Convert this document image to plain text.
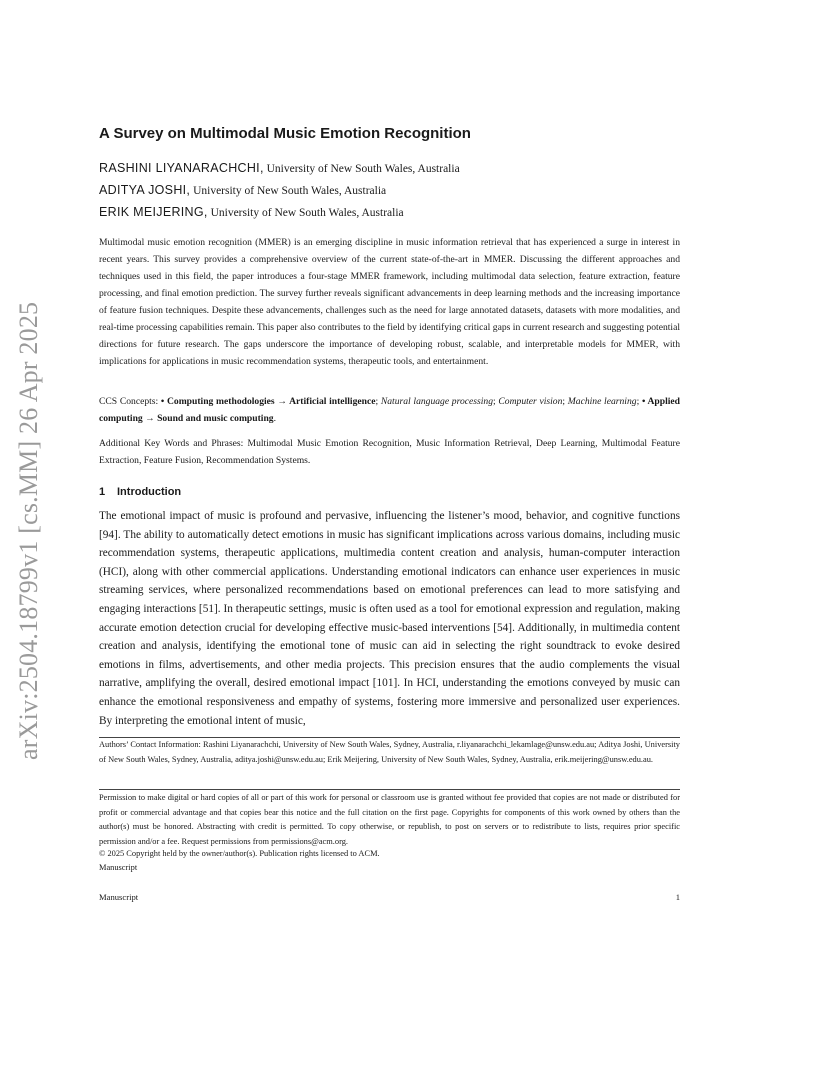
arXiv:2504.18799v1 [cs.MM] 26 Apr 2025
A Survey on Multimodal Music Emotion Recognition
RASHINI LIYANARACHCHI, University of New South Wales, Australia
ADITYA JOSHI, University of New South Wales, Australia
ERIK MEIJERING, University of New South Wales, Australia

Multimodal music emotion recognition (MMER) is an emerging discipline in music information retrieval that has experienced a surge in interest in recent years. This survey provides a comprehensive overview of the current state-of-the-art in MMER. Discussing the different approaches and techniques used in this field, the paper introduces a four-stage MMER framework, including multimodal data selection, feature extraction, feature processing, and final emotion prediction. The survey further reveals significant advancements in deep learning methods and the increasing importance of feature fusion techniques. Despite these advancements, challenges such as the need for large annotated datasets, datasets with more modalities, and real-time processing capabilities remain. This paper also contributes to the field by identifying critical gaps in current research and suggesting potential directions for future research. The gaps underscore the importance of developing robust, scalable, and interpretable models for MMER, with implications for applications in music recommendation systems, therapeutic tools, and entertainment.

CCS Concepts: • Computing methodologies → Artificial intelligence; Natural language processing; Computer vision; Machine learning; • Applied computing → Sound and music computing.

Additional Key Words and Phrases: Multimodal Music Emotion Recognition, Music Information Retrieval, Deep Learning, Multimodal Feature Extraction, Feature Fusion, Recommendation Systems.

1 Introduction

The emotional impact of music is profound and pervasive, influencing the listener’s mood, behavior, and cognitive functions [94]. The ability to automatically detect emotions in music has significant implications across various domains, including music recommendation systems, therapeutic applications, multimedia content creation and analysis, human-computer interaction (HCI), along with other commercial applications. Understanding emotional indicators can enhance user experiences in music streaming services, where personalized recommendations based on emotional preferences can lead to more satisfying and engaging interactions [51]. In therapeutic settings, music is often used as a tool for emotional expression and regulation, making accurate emotion detection crucial for developing effective music-based interventions [54]. Additionally, in multimedia content creation and analysis, identifying the emotional tone of music can aid in selecting the right soundtrack to evoke desired emotions in films, advertisements, and other media projects. This precision ensures that the audio complements the visual narrative, amplifying the overall, desired emotional impact [101]. In HCI, understanding the emotions conveyed by music can enhance the emotional responsiveness and empathy of systems, fostering more immersive and personalized user experiences. By interpreting the emotional intent of music,

Authors’ Contact Information: Rashini Liyanarachchi, University of New South Wales, Sydney, Australia, r.liyanarachchi_lekamlage@unsw.edu.au; Aditya Joshi, University of New South Wales, Sydney, Australia, aditya.joshi@unsw.edu.au; Erik Meijering, University of New South Wales, Sydney, Australia, erik.meijering@unsw.edu.au.

Permission to make digital or hard copies of all or part of this work for personal or classroom use is granted without fee provided that copies are not made or distributed for profit or commercial advantage and that copies bear this notice and the full citation on the first page. Copyrights for components of this work owned by others than the author(s) must be honored. Abstracting with credit is permitted. To copy otherwise, or republish, to post on servers or to redistribute to lists, requires prior specific permission and/or a fee. Request permissions from permissions@acm.org.

© 2025 Copyright held by the owner/author(s). Publication rights licensed to ACM.

Manuscript

Manuscript	1
